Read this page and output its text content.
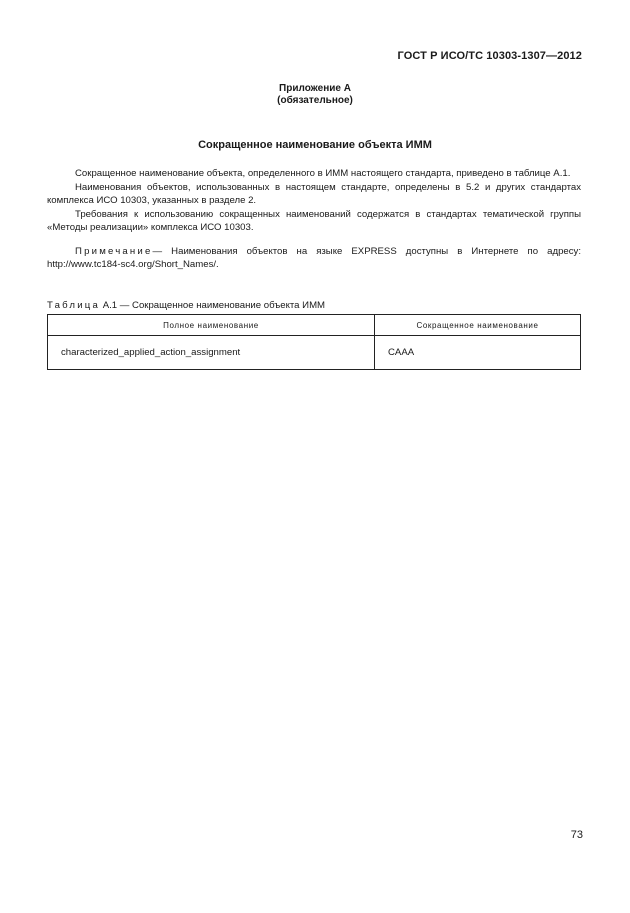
ГОСТ Р ИСО/ТС 10303-1307—2012
Приложение А
(обязательное)
Сокращенное наименование объекта ИММ

Сокращенное наименование объекта, определенного в ИММ настоящего стандарта, приведено в таблице А.1.

Наименования объектов, использованных в настоящем стандарте, определены в 5.2 и других стандартах комплекса ИСО 10303, указанных в разделе 2.

Требования к использованию сокращенных наименований содержатся в стандартах тематической группы «Методы реализации» комплекса ИСО 10303.

Примечание— Наименования объектов на языке EXPRESS доступны в Интернете по адресу: http://www.tc184-sc4.org/Short_Names/.

Таблица А.1 — Сокращенное наименование объекта ИММ
Полное наименование	Сокращенное наименование
characterized_applied_action_assignment	CAAA
73
